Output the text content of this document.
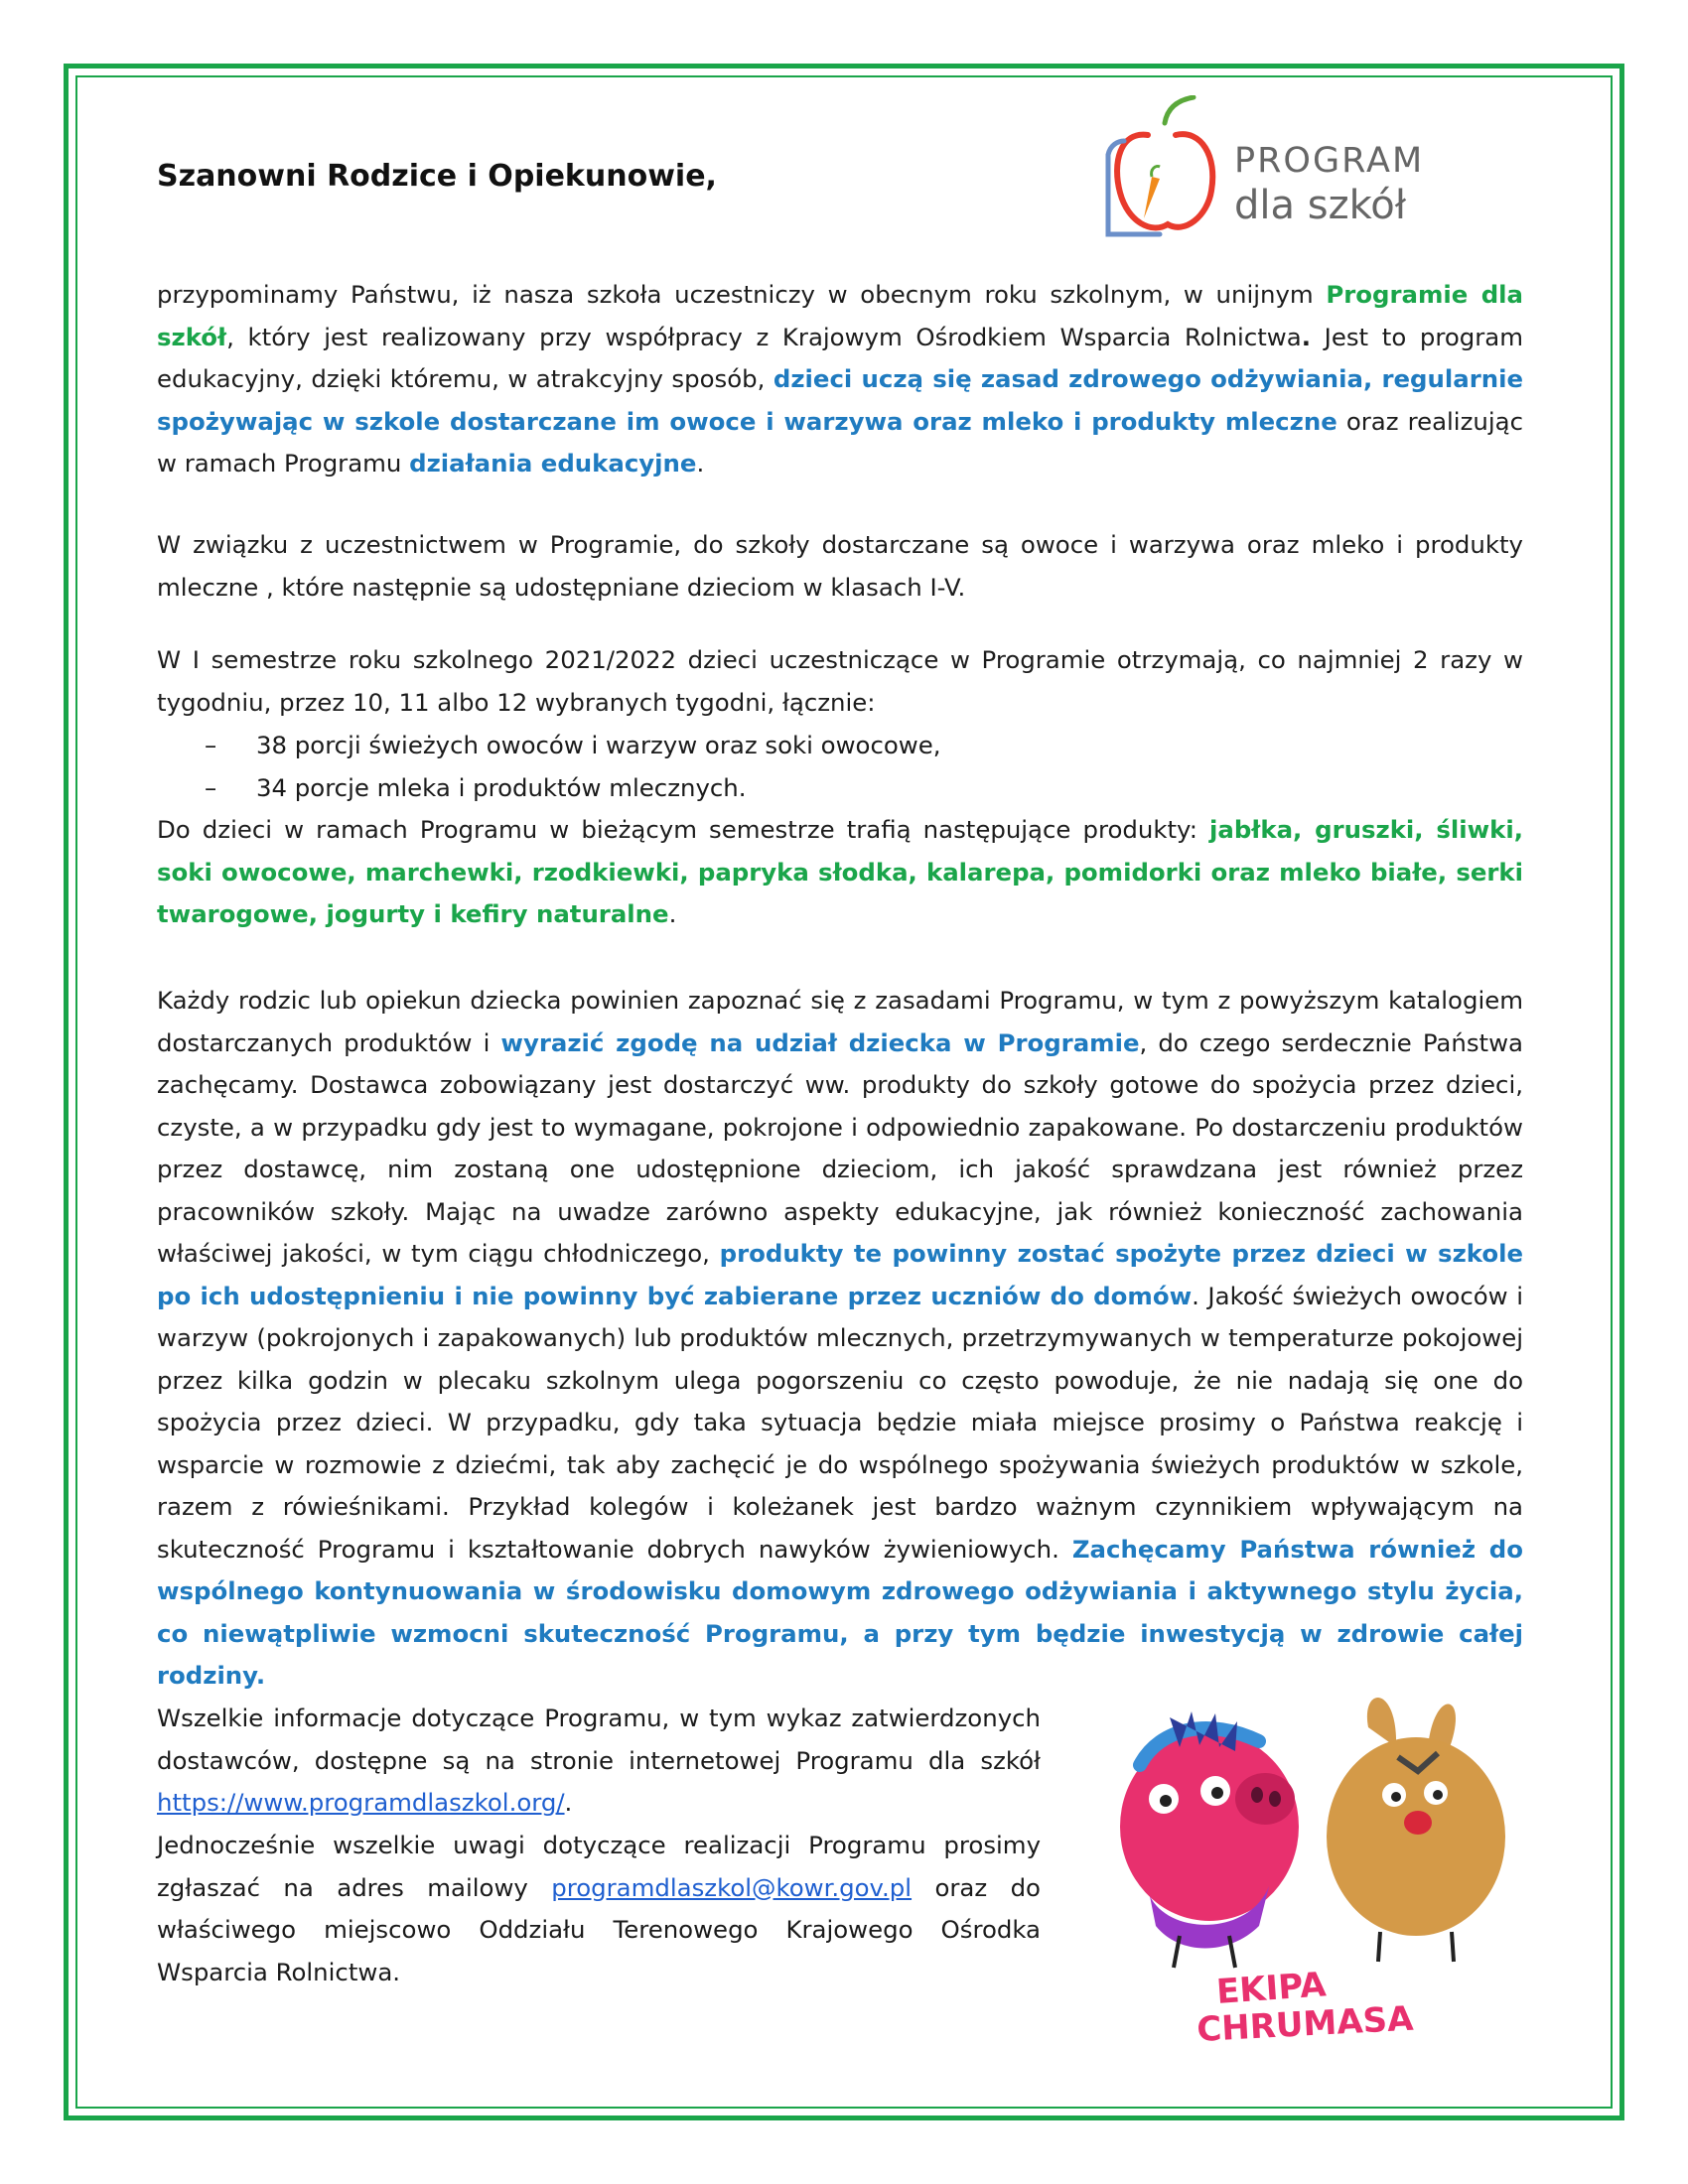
Szanowni Rodzice i Opiekunowie,	PROGRAM
dla szkół

przypominamy Państwu, iż nasza szkoła uczestniczy w obecnym roku szkolnym, w unijnym Programie dla szkół, który jest realizowany przy współpracy z Krajowym Ośrodkiem Wsparcia Rolnictwa. Jest to program edukacyjny, dzięki któremu, w atrakcyjny sposób, dzieci uczą się zasad zdrowego odżywiania, regularnie spożywając w szkole dostarczane im owoce i warzywa oraz mleko i produkty mleczne oraz realizując w ramach Programu działania edukacyjne.

W związku z uczestnictwem w Programie, do szkoły dostarczane są owoce i warzywa oraz mleko i produkty mleczne , które następnie są udostępniane dzieciom w klasach I-V.
W I semestrze roku szkolnego 2021/2022 dzieci uczestniczące w Programie otrzymają, co najmniej 2 razy w tygodniu, przez 10, 11 albo 12 wybranych tygodni, łącznie:
– 38 porcji świeżych owoców i warzyw oraz soki owocowe,
– 34 porcje mleka i produktów mlecznych.

Do dzieci w ramach Programu w bieżącym semestrze trafią następujące produkty: jabłka, gruszki, śliwki, soki owocowe, marchewki, rzodkiewki, papryka słodka, kalarepa, pomidorki oraz mleko białe, serki twarogowe, jogurty i kefiry naturalne.

Każdy rodzic lub opiekun dziecka powinien zapoznać się z zasadami Programu, w tym z powyższym katalogiem dostarczanych produktów i wyrazić zgodę na udział dziecka w Programie, do czego serdecznie Państwa zachęcamy. Dostawca zobowiązany jest dostarczyć ww. produkty do szkoły gotowe do spożycia przez dzieci, czyste, a w przypadku gdy jest to wymagane, pokrojone i odpowiednio zapakowane. Po dostarczeniu produktów przez dostawcę, nim zostaną one udostępnione dzieciom, ich jakość sprawdzana jest również przez pracowników szkoły. Mając na uwadze zarówno aspekty edukacyjne, jak również konieczność zachowania właściwej jakości, w tym ciągu chłodniczego, produkty te powinny zostać spożyte przez dzieci w szkole po ich udostępnieniu i nie powinny być zabierane przez uczniów do domów. Jakość świeżych owoców i warzyw (pokrojonych i zapakowanych) lub produktów mlecznych, przetrzymywanych w temperaturze pokojowej przez kilka godzin w plecaku szkolnym ulega pogorszeniu co często powoduje, że nie nadają się one do spożycia przez dzieci. W przypadku, gdy taka sytuacja będzie miała miejsce prosimy o Państwa reakcję i wsparcie w rozmowie z dziećmi, tak aby zachęcić je do wspólnego spożywania świeżych produktów w szkole, razem z rówieśnikami. Przykład kolegów i koleżanek jest bardzo ważnym czynnikiem wpływającym na skuteczność Programu i kształtowanie dobrych nawyków żywieniowych. Zachęcamy Państwa również do wspólnego kontynuowania w środowisku domowym zdrowego odżywiania i aktywnego stylu życia, co niewątpliwie wzmocni skuteczność Programu, a przy tym będzie inwestycją w zdrowie całej rodziny.

Wszelkie informacje dotyczące Programu, w tym wykaz zatwierdzonych dostawców, dostępne są na stronie internetowej Programu dla szkół https://www.programdlaszkol.org/.
Jednocześnie wszelkie uwagi dotyczące realizacji Programu prosimy zgłaszać na adres mailowy programdlaszkol@kowr.gov.pl oraz do właściwego miejscowo Oddziału Terenowego Krajowego Ośrodka Wsparcia Rolnictwa.	EKIPA
CHRUMASA
